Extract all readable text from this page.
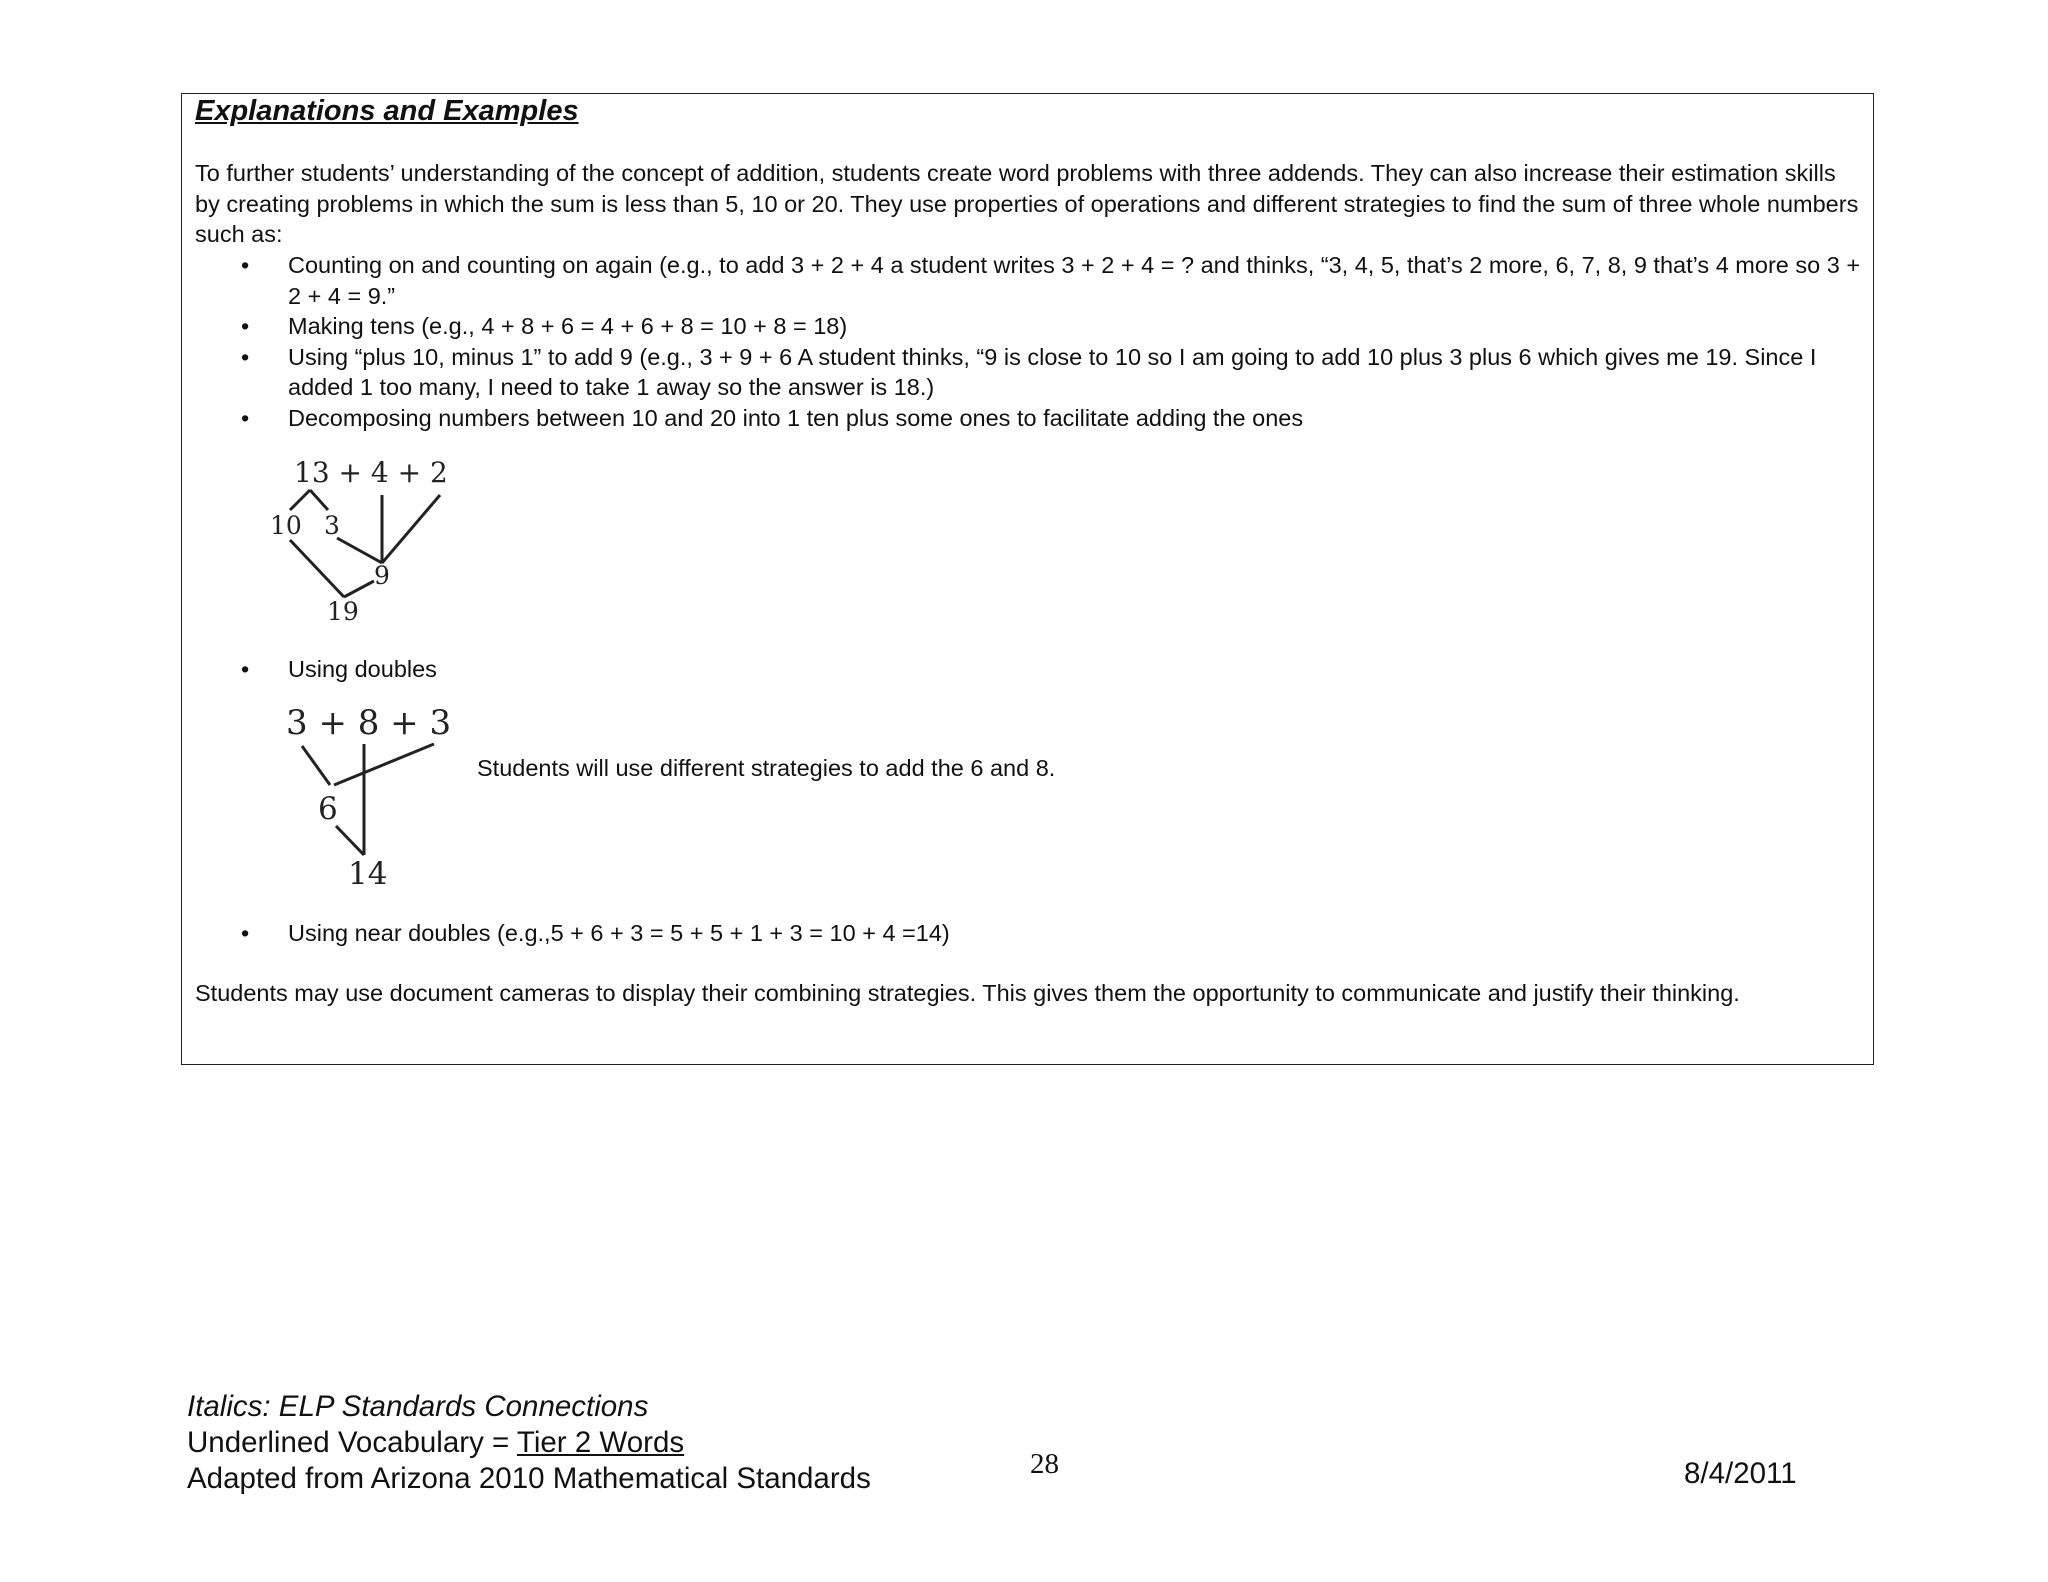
Explanations and Examples

To further students’ understanding of the concept of addition, students create word problems with three addends. They can also increase their estimation skills by creating problems in which the sum is less than 5, 10 or 20. They use properties of operations and different strategies to find the sum of three whole numbers such as:

• Counting on and counting on again (e.g., to add 3 + 2 + 4 a student writes 3 + 2 + 4 = ? and thinks, “3, 4, 5, that’s 2 more, 6, 7, 8, 9 that’s 4 more so 3 + 2 + 4 = 9.”
• Making tens (e.g., 4 + 8 + 6 = 4 + 6 + 8 = 10 + 8 = 18)
• Using “plus 10, minus 1” to add 9 (e.g., 3 + 9 + 6 A student thinks, “9 is close to 10 so I am going to add 10 plus 3 plus 6 which gives me 19. Since I added 1 too many, I need to take 1 away so the answer is 18.)
• Decomposing numbers between 10 and 20 into 1 ten plus some ones to facilitate adding the ones
13 + 4 + 2
10 3
9
19

• Using doubles

3 + 8 + 3
6
14

Students will use different strategies to add the 6 and 8.

• Using near doubles (e.g.,5 + 6 + 3 = 5 + 5 + 1 + 3 = 10 + 4 =14)

Students may use document cameras to display their combining strategies. This gives them the opportunity to communicate and justify their thinking.

Italics: ELP Standards Connections

Underlined Vocabulary = Tier 2 Words

Adapted from Arizona 2010 Mathematical Standards	28	8/4/2011
